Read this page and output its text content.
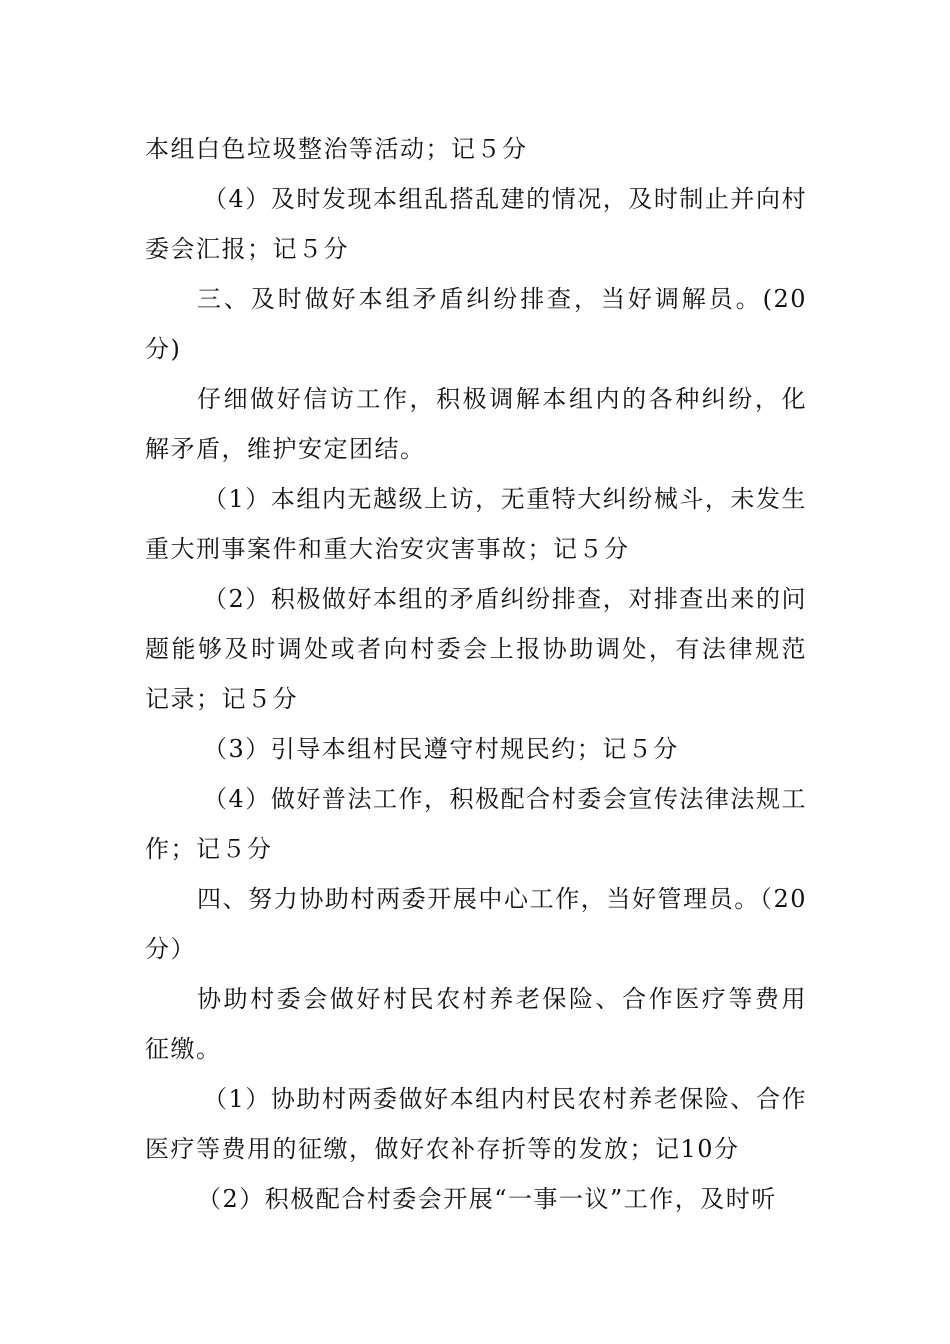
本组白色垃圾整治等活动；记５分

（4）及时发现本组乱搭乱建的情况，及时制止并向村委会汇报；记５分

三、及时做好本组矛盾纠纷排查，当好调解员。(20分)

仔细做好信访工作，积极调解本组内的各种纠纷，化解矛盾，维护安定团结。

（1）本组内无越级上访，无重特大纠纷械斗，未发生重大刑事案件和重大治安灾害事故；记５分

（2）积极做好本组的矛盾纠纷排查，对排查出来的问题能够及时调处或者向村委会上报协助调处，有法律规范记录；记５分

（3）引导本组村民遵守村规民约；记５分

（4）做好普法工作，积极配合村委会宣传法律法规工作；记５分

四、努力协助村两委开展中心工作，当好管理员。（20分）

协助村委会做好村民农村养老保险、合作医疗等费用征缴。

（1）协助村两委做好本组内村民农村养老保险、合作医疗等费用的征缴，做好农补存折等的发放；记10分

（2）积极配合村委会开展“一事一议”工作，及时听
